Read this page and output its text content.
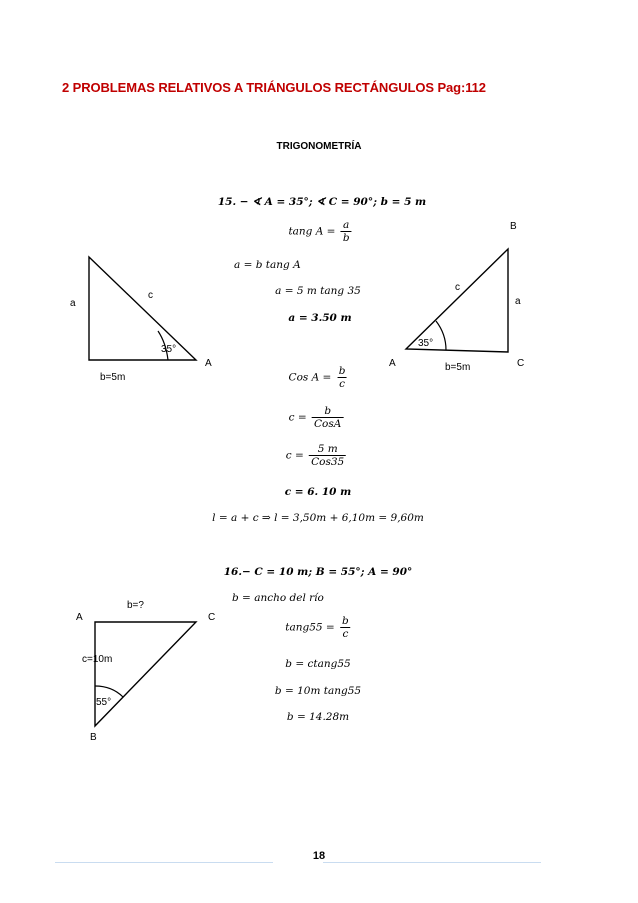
2 PROBLEMAS RELATIVOS A TRIÁNGULOS RECTÁNGULOS Pag:112
TRIGONOMETRÍA
a
c
35°
A
b=5m
B
c
a
35°
A	b=5m	C
15. − ∢ A = 35°; ∢ C = 90°; b = 5 m
tang $A = \frac{a}{b}$
a = b tang A
a = 5 m tang 35
a = 3.50 m
Cos $A = \frac{b}{c}$
$c = \frac{b}{\text{CosA}}$
$c = \frac{5 m}{\text{Cos35}}$
c = 6. 10 m
l = a + c ⇒ l = 3,50m + 6,10m = 9,60m
16.− C = 10 m; B = 55°; A = 90°
b = ancho del río
$\tan g55 = \frac{b}{c}$
b = ctang55
b = 10m tang55
b = 14.28m
A
b=?
C
c=10m
55°
B
18
